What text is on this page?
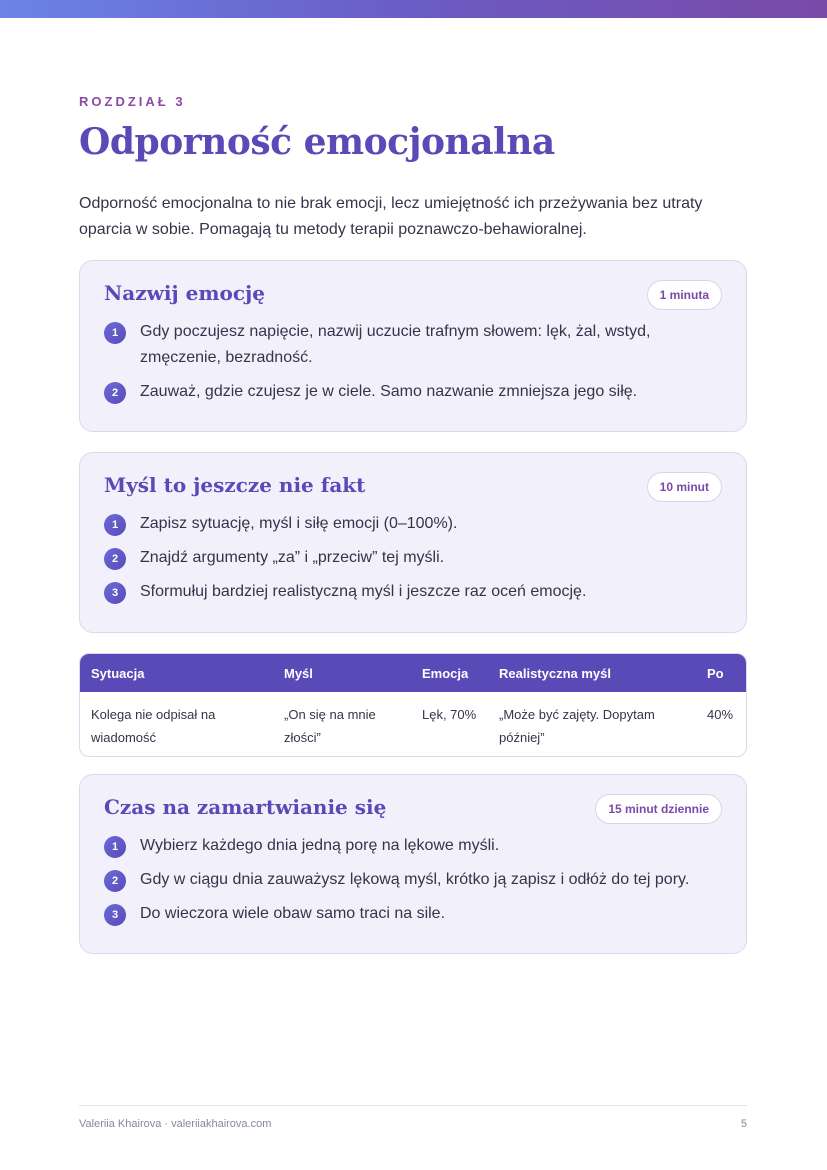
ROZDZIAŁ 3
Odporność emocjonalna

Odporność emocjonalna to nie brak emocji, lecz umiejętność ich przeżywania bez utraty oparcia w sobie. Pomagają tu metody terapii poznawczo-behawioralnej.

Nazwij emocję	1 minuta
1	Gdy poczujesz napięcie, nazwij uczucie trafnym słowem: lęk, żal, wstyd, zmęczenie, bezradność.
2	Zauważ, gdzie czujesz je w ciele. Samo nazwanie zmniejsza jego siłę.
Myśl to jeszcze nie fakt	10 minut
1	Zapisz sytuację, myśl i siłę emocji (0–100%).
2	Znajdź argumenty „za” i „przeciw” tej myśli.
3	Sformułuj bardziej realistyczną myśl i jeszcze raz oceń emocję.
Sytuacja	Myśl	Emocja	Realistyczna myśl	Po
Kolega nie odpisał na wiadomość	„On się na mnie złości”	Lęk, 70%	„Może być zajęty. Dopytam później”	40%
Czas na zamartwianie się	15 minut dziennie
1	Wybierz każdego dnia jedną porę na lękowe myśli.
2	Gdy w ciągu dnia zauważysz lękową myśl, krótko ją zapisz i odłóż do tej pory.
3	Do wieczora wiele obaw samo traci na sile.
Valeriia Khairova · valeriiakhairova.com	5
